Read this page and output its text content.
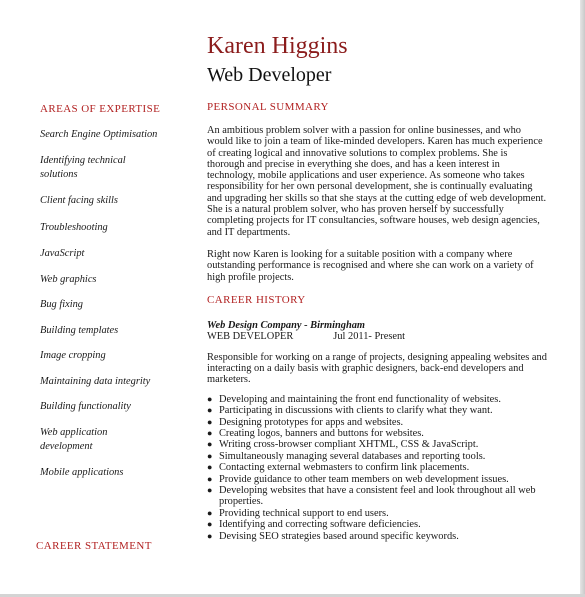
Karen Higgins
Web Developer
AREAS OF EXPERTISE
Search Engine Optimisation
Identifying technical solutions
Client facing skills
Troubleshooting
JavaScript
Web graphics
Bug fixing
Building templates
Image cropping
Maintaining data integrity
Building functionality
Web application development
Mobile applications
CAREER STATEMENT
PERSONAL SUMMARY

An ambitious problem solver with a passion for online businesses, and who would like to join a team of like-minded developers. Karen has much experience of creating logical and innovative solutions to complex problems. She is thorough and precise in everything she does, and has a keen interest in technology, mobile applications and user experience. As someone who takes responsibility for her own personal development, she is continually evaluating and upgrading her skills so that she stays at the cutting edge of web development. She is a natural problem solver, who has proven herself by successfully completing projects for IT consultancies, software houses, web design agencies, and IT departments.

Right now Karen is looking for a suitable position with a company where outstanding performance is recognised and where she can work on a variety of high profile projects.

CAREER HISTORY
Web Design Company - Birmingham
WEB DEVELOPER	Jul 2011- Present

Responsible for working on a range of projects, designing appealing websites and interacting on a daily basis with graphic designers, back-end developers and marketers.

● Developing and maintaining the front end functionality of websites.
● Participating in discussions with clients to clarify what they want.
● Designing prototypes for apps and websites.
● Creating logos, banners and buttons for websites.
● Writing cross-browser compliant XHTML, CSS & JavaScript.
● Simultaneously managing several databases and reporting tools.
● Contacting external webmasters to confirm link placements.
● Provide guidance to other team members on web development issues.
● Developing websites that have a consistent feel and look throughout all web properties.
● Providing technical support to end users.
● Identifying and correcting software deficiencies.
● Devising SEO strategies based around specific keywords.
